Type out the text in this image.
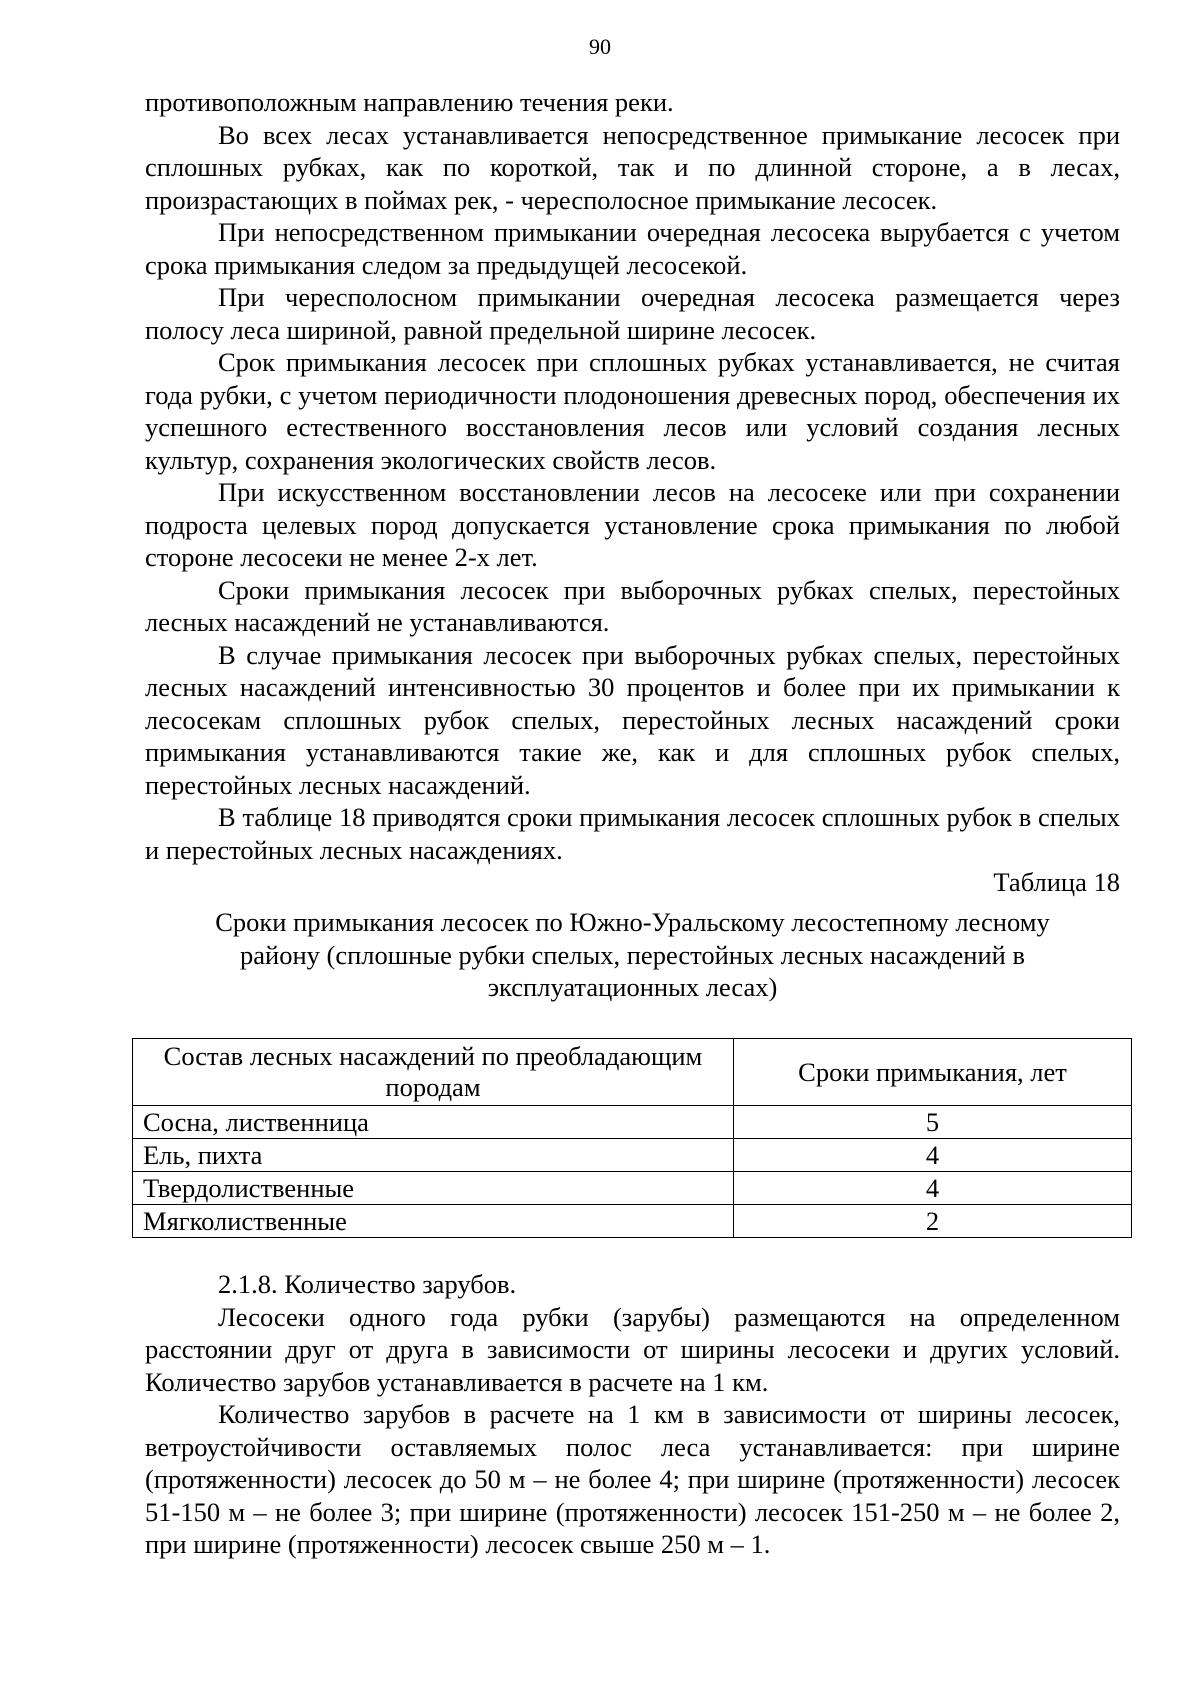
90

противоположным направлению течения реки.

Во всех лесах устанавливается непосредственное примыкание лесосек при сплошных рубках, как по короткой, так и по длинной стороне, а в лесах, произрастающих в поймах рек, - чересполосное примыкание лесосек.

При непосредственном примыкании очередная лесосека вырубается с учетом срока примыкания следом за предыдущей лесосекой.

При чересполосном примыкании очередная лесосека размещается через полосу леса шириной, равной предельной ширине лесосек.

Срок примыкания лесосек при сплошных рубках устанавливается, не считая года рубки, с учетом периодичности плодоношения древесных пород, обеспечения их успешного естественного восстановления лесов или условий создания лесных культур, сохранения экологических свойств лесов.

При искусственном восстановлении лесов на лесосеке или при сохранении подроста целевых пород допускается установление срока примыкания по любой стороне лесосеки не менее 2-х лет.

Сроки примыкания лесосек при выборочных рубках спелых, перестойных лесных насаждений не устанавливаются.

В случае примыкания лесосек при выборочных рубках спелых, перестойных лесных насаждений интенсивностью 30 процентов и более при их примыкании к лесосекам сплошных рубок спелых, перестойных лесных насаждений сроки примыкания устанавливаются такие же, как и для сплошных рубок спелых, перестойных лесных насаждений.

В таблице 18 приводятся сроки примыкания лесосек сплошных рубок в спелых и перестойных лесных насаждениях.

Таблица 18

Сроки примыкания лесосек по Южно-Уральскому лесостепному лесному
району (сплошные рубки спелых, перестойных лесных насаждений в
эксплуатационных лесах)
Состав лесных насаждений по преобладающим породам	Сроки примыкания, лет
Сосна, лиственница	5
Ель, пихта	4
Твердолиственные	4
Мягколиственные	2

2.1.8. Количество зарубов.

Лесосеки одного года рубки (зарубы) размещаются на определенном расстоянии друг от друга в зависимости от ширины лесосеки и других условий. Количество зарубов устанавливается в расчете на 1 км.

Количество зарубов в расчете на 1 км в зависимости от ширины лесосек, ветроустойчивости оставляемых полос леса устанавливается: при ширине (протяженности) лесосек до 50 м – не более 4; при ширине (протяженности) лесосек 51-150 м – не более 3; при ширине (протяженности) лесосек 151-250 м – не более 2, при ширине (протяженности) лесосек свыше 250 м – 1.
